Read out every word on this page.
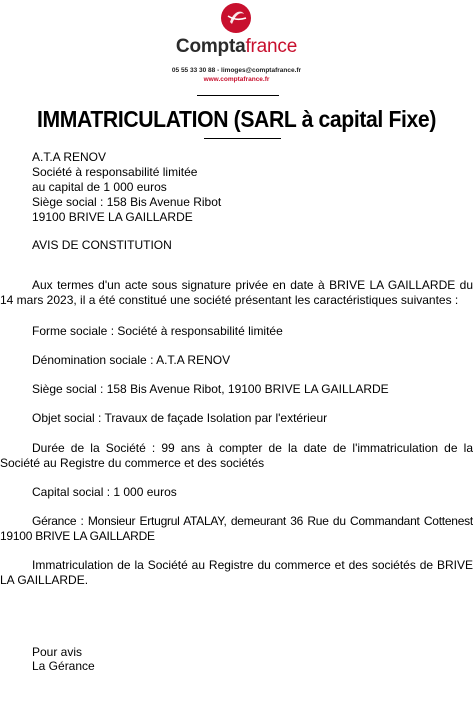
Comptafrance
05 55 33 30 88 - limoges@comptafrance.fr
www.comptafrance.fr
IMMATRICULATION (SARL à capital Fixe)
A.T.A RENOV
Société à responsabilité limitée
au capital de 1 000 euros
Siège social : 158 Bis Avenue Ribot
19100 BRIVE LA GAILLARDE
AVIS DE CONSTITUTION
Aux termes d'un acte sous signature privée en date à BRIVE LA GAILLARDE du 14 mars 2023, il a été constitué une société présentant les caractéristiques suivantes :
Forme sociale : Société à responsabilité limitée
Dénomination sociale : A.T.A RENOV
Siège social : 158 Bis Avenue Ribot, 19100 BRIVE LA GAILLARDE
Objet social : Travaux de façade Isolation par l'extérieur
Durée de la Société : 99 ans à compter de la date de l'immatriculation de la Société au Registre du commerce et des sociétés
Capital social : 1 000 euros
Gérance : Monsieur Ertugrul ATALAY, demeurant 36 Rue du Commandant Cottenest 19100 BRIVE LA GAILLARDE
Immatriculation de la Société au Registre du commerce et des sociétés de BRIVE LA GAILLARDE.
Pour avis
La Gérance
